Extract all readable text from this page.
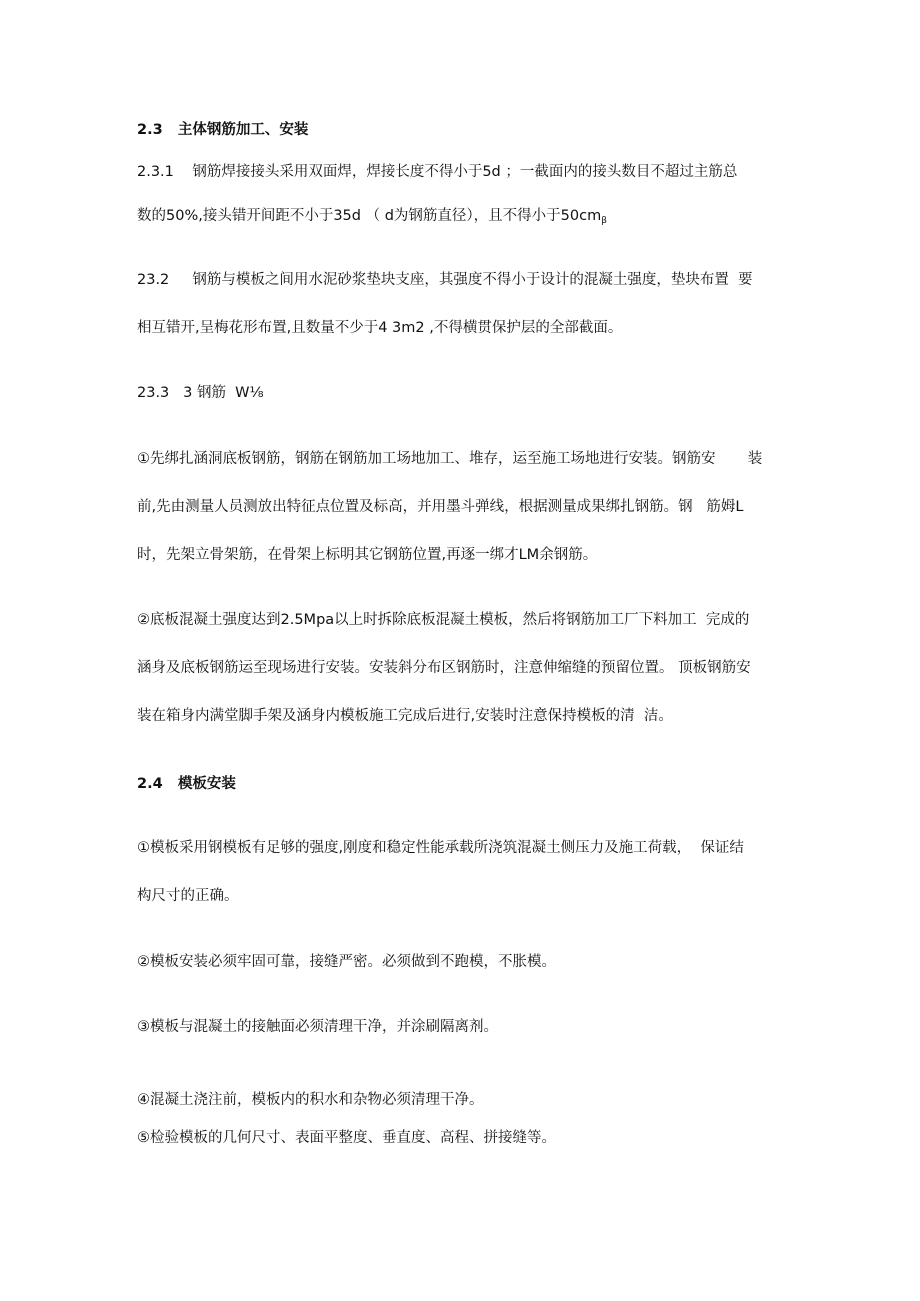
2.3   主体钢筋加工、安装

2.3.1    钢筋焊接接头采用双面焊，焊接长度不得小于5d ；一截面内的接头数目不超过主筋总

数的50%,接头错开间距不小于35d （ d为钢筋直径），且不得小于$50cm_\beta$

23.2     钢筋与模板之间用水泥砂浆垫块支座，其强度不得小于设计的混凝土强度，垫块布置  要

相互错开,呈梅花形布置,且数量不少于4 3m2 ,不得横贯保护层的全部截面。

23.3   3 钢筋  W⅛

①先绑扎涵洞底板钢筋，钢筋在钢筋加工场地加工、堆存，运至施工场地进行安装。钢筋安       装

前,先由测量人员测放出特征点位置及标高，并用墨斗弹线，根据测量成果绑扎钢筋。钢   筋姆L

时，先架立骨架筋，在骨架上标明其它钢筋位置,再逐一绑才LM余钢筋。

②底板混凝土强度达到2.5Mpa以上时拆除底板混凝土模板，然后将钢筋加工厂下料加工  完成的

涵身及底板钢筋运至现场进行安装。安装斜分布区钢筋时，注意伸缩缝的预留位置。 顶板钢筋安

装在箱身内满堂脚手架及涵身内模板施工完成后进行,安装时注意保持模板的清  洁。

2.4   模板安装

①模板采用钢模板有足够的强度,刚度和稳定性能承载所浇筑混凝土侧压力及施工荷载，  保证结

构尺寸的正确。

②模板安装必须牢固可靠，接缝严密。必须做到不跑模，不胀模。

③模板与混凝土的接触面必须清理干净，并涂刷隔离剂。

④混凝土浇注前，模板内的积水和杂物必须清理干净。

⑤检验模板的几何尺寸、表面平整度、垂直度、高程、拼接缝等。
